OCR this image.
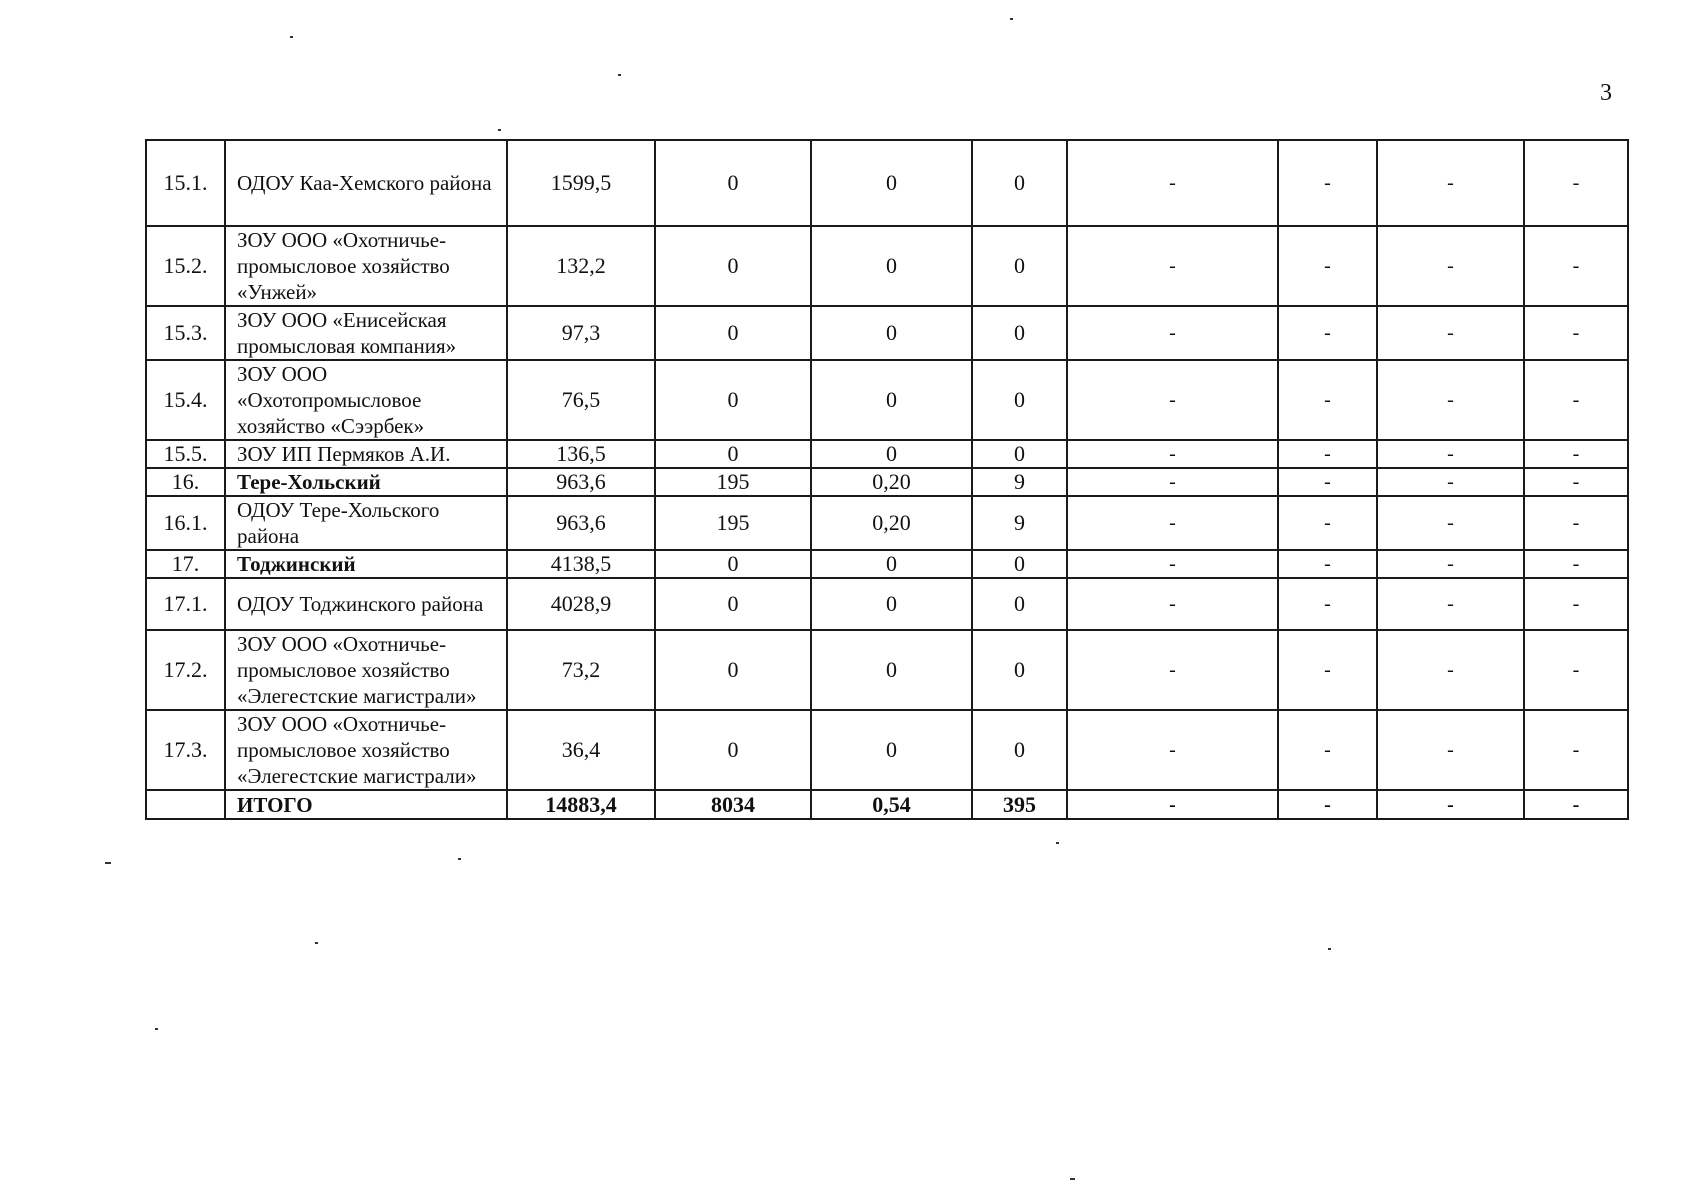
3
15.1.	ОДОУ Каа-Хемского района	1599,5	0	0	0	-	-	-	-
15.2.	ЗОУ ООО «Охотничье-промысловое хозяйство «Унжей»	132,2	0	0	0	-	-	-	-
15.3.	ЗОУ ООО «Енисейская промысловая компания»	97,3	0	0	0	-	-	-	-
15.4.	ЗОУ ООО «Охотопромысловое хозяйство «Сээрбек»	76,5	0	0	0	-	-	-	-
15.5.	ЗОУ ИП Пермяков А.И.	136,5	0	0	0	-	-	-	-
16.	Тере-Хольский	963,6	195	0,20	9	-	-	-	-
16.1.	ОДОУ Тере-Хольского района	963,6	195	0,20	9	-	-	-	-
17.	Тоджинский	4138,5	0	0	0	-	-	-	-
17.1.	ОДОУ Тоджинского района	4028,9	0	0	0	-	-	-	-
17.2.	ЗОУ ООО «Охотничье-промысловое хозяйство «Элегестские магистрали»	73,2	0	0	0	-	-	-	-
17.3.	ЗОУ ООО «Охотничье-промысловое хозяйство «Элегестские магистрали»	36,4	0	0	0	-	-	-	-
	ИТОГО	14883,4	8034	0,54	395	-	-	-	-
